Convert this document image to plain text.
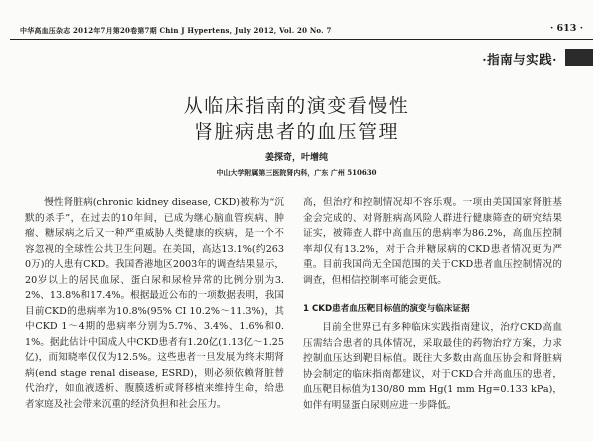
中华高血压杂志 2012年7月第20卷第7期 Chin J Hypertens, July 2012, Vol. 20 No. 7	· 613 ·
·指南与实践·
从临床指南的演变看慢性
肾脏病患者的血压管理
姜探奇，叶增纯
中山大学附属第三医院肾内科，广东 广州 510630

慢性肾脏病(chronic kidney disease, CKD)被称为“沉默的杀手”，在过去的10年间，已成为继心脑血管疾病、肿瘤、糖尿病之后又一种严重威胁人类健康的疾病，是一个不容忽视的全球性公共卫生问题。在美国，高达13.1%(约2630万)的人患有CKD。我国香港地区2003年的调查结果显示，20岁以上的居民血尿、蛋白尿和尿检异常的比例分别为3.2%、13.8%和17.4%。根据最近公布的一项数据表明，我国目前CKD的患病率为10.8%(95% CI 10.2%～11.3%)，其中CKD 1～4期的患病率分别为5.7%、3.4%、1.6%和0.1%。据此估计中国成人中CKD患者有1.20亿(1.13亿～1.25亿)，而知晓率仅仅为12.5%。这些患者一旦发展为终末期肾病(end stage renal disease, ESRD)，则必须依赖肾脏替代治疗，如血液透析、腹膜透析或肾移植来维持生命，给患者家庭及社会带来沉重的经济负担和社会压力。

高，但治疗和控制情况却不容乐观。一项由美国国家肾脏基金会完成的、对肾脏病高风险人群进行健康筛查的研究结果证实，被筛查人群中高血压的患病率为86.2%，高血压控制率却仅有13.2%，对于合并糖尿病的CKD患者情况更为严重。目前我国尚无全国范围的关于CKD患者血压控制情况的调查，但相信控制率可能会更低。

1 CKD患者血压靶目标值的演变与临床证据

目前全世界已有多种临床实践指南建议，治疗CKD高血压需结合患者的具体情况，采取最佳的药物治疗方案，力求控制血压达到靶目标值。既往大多数由高血压协会和肾脏病协会制定的临床指南都建议，对于CKD合并高血压的患者，血压靶目标值为130/80 mm Hg(1 mm Hg=0.133 kPa)，如伴有明显蛋白尿则应进一步降低。
